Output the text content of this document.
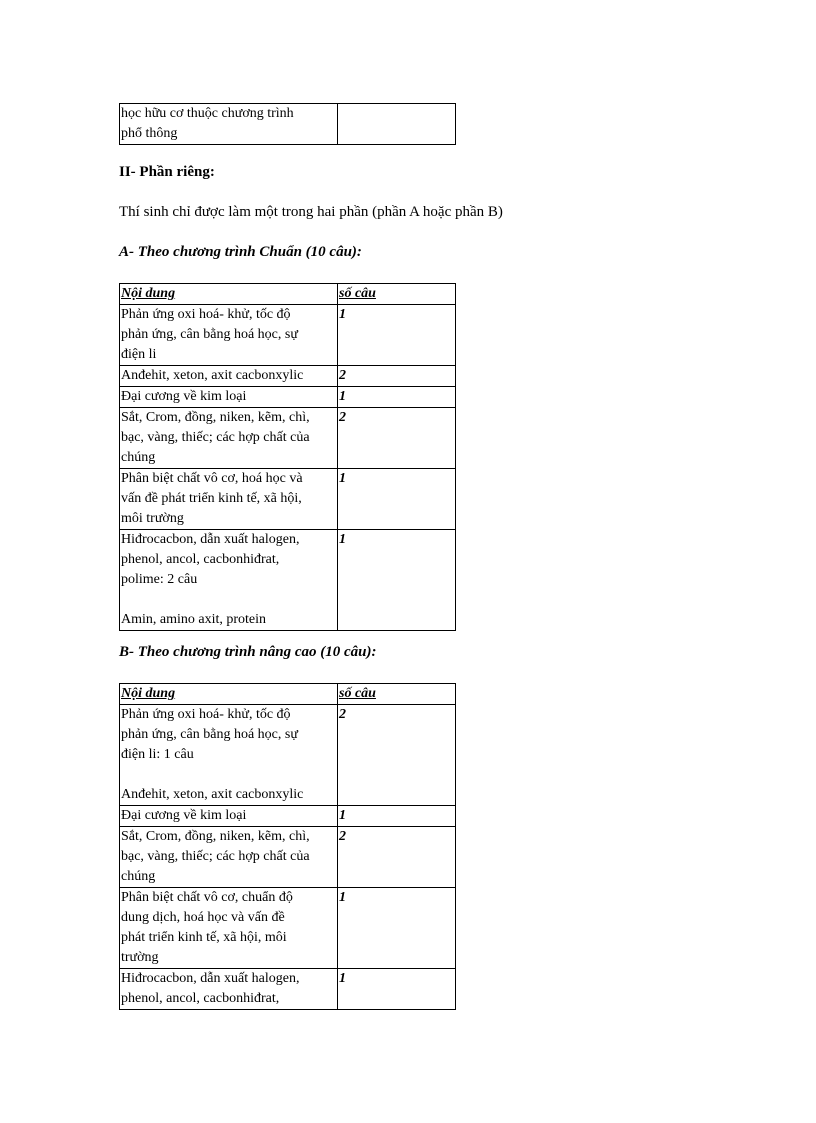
học hữu cơ thuộc chương trình
phổ thông

II- Phần riêng:
Thí sinh chỉ được làm một trong hai phần (phần A hoặc phần B)
A- Theo chương trình Chuẩn (10 câu):
Nội dung	số câu

Phản ứng oxi hoá- khử, tốc độ
phản ứng, cân bằng hoá học, sự
điện li	1

Anđehit, xeton, axit cacbonxylic	2

Đại cương về kim loại	1

Sắt, Crom, đồng, niken, kẽm, chì,
bạc, vàng, thiếc; các hợp chất của
chúng	2

Phân biệt chất vô cơ, hoá học và
vấn đề phát triển kinh tế, xã hội,
môi trường	1

Hiđrocacbon, dẫn xuất halogen,
phenol, ancol, cacbonhiđrat,
polime: 2 câu

Amin, amino axit, protein	1
B- Theo chương trình nâng cao (10 câu):
Nội dung	số câu

Phản ứng oxi hoá- khử, tốc độ
phản ứng, cân bằng hoá học, sự
điện li: 1 câu

Anđehit, xeton, axit cacbonxylic	2

Đại cương về kim loại	1

Sắt, Crom, đồng, niken, kẽm, chì,
bạc, vàng, thiếc; các hợp chất của
chúng	2

Phân biệt chất vô cơ, chuẩn độ
dung dịch, hoá học và vấn đề
phát triển kinh tế, xã hội, môi
trường	1

Hiđrocacbon, dẫn xuất halogen,
phenol, ancol, cacbonhiđrat,	1
